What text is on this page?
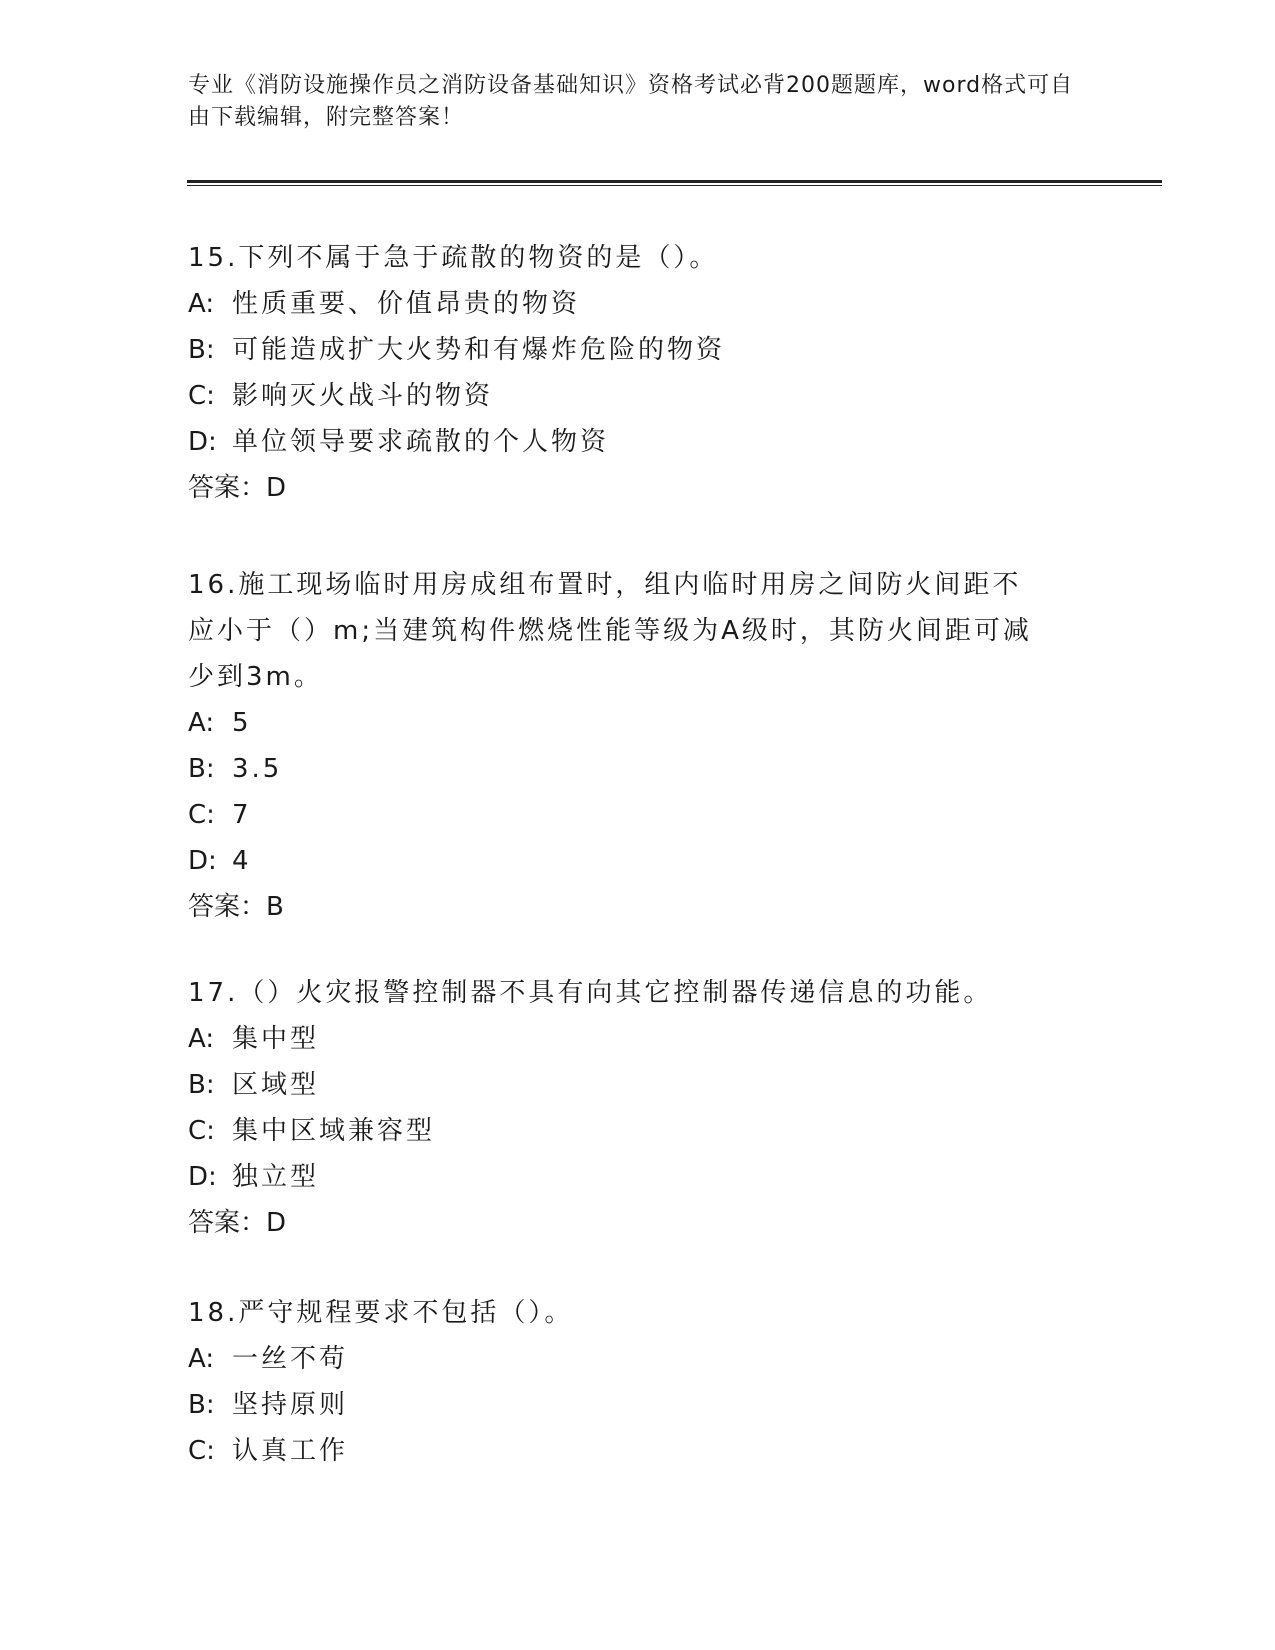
专业《消防设施操作员之消防设备基础知识》资格考试必背200题题库，word格式可自由下载编辑，附完整答案！
15.下列不属于急于疏散的物资的是（）。
A: 性质重要、价值昂贵的物资
B: 可能造成扩大火势和有爆炸危险的物资
C: 影响灭火战斗的物资
D: 单位领导要求疏散的个人物资
答案：D
16.施工现场临时用房成组布置时，组内临时用房之间防火间距不应小于（）m;当建筑构件燃烧性能等级为A级时，其防火间距可减少到3m。
A: 5
B: 3.5
C: 7
D: 4
答案：B
17.（）火灾报警控制器不具有向其它控制器传递信息的功能。
A: 集中型
B: 区域型
C: 集中区域兼容型
D: 独立型
答案：D
18.严守规程要求不包括（）。
A: 一丝不苟
B: 坚持原则
C: 认真工作
